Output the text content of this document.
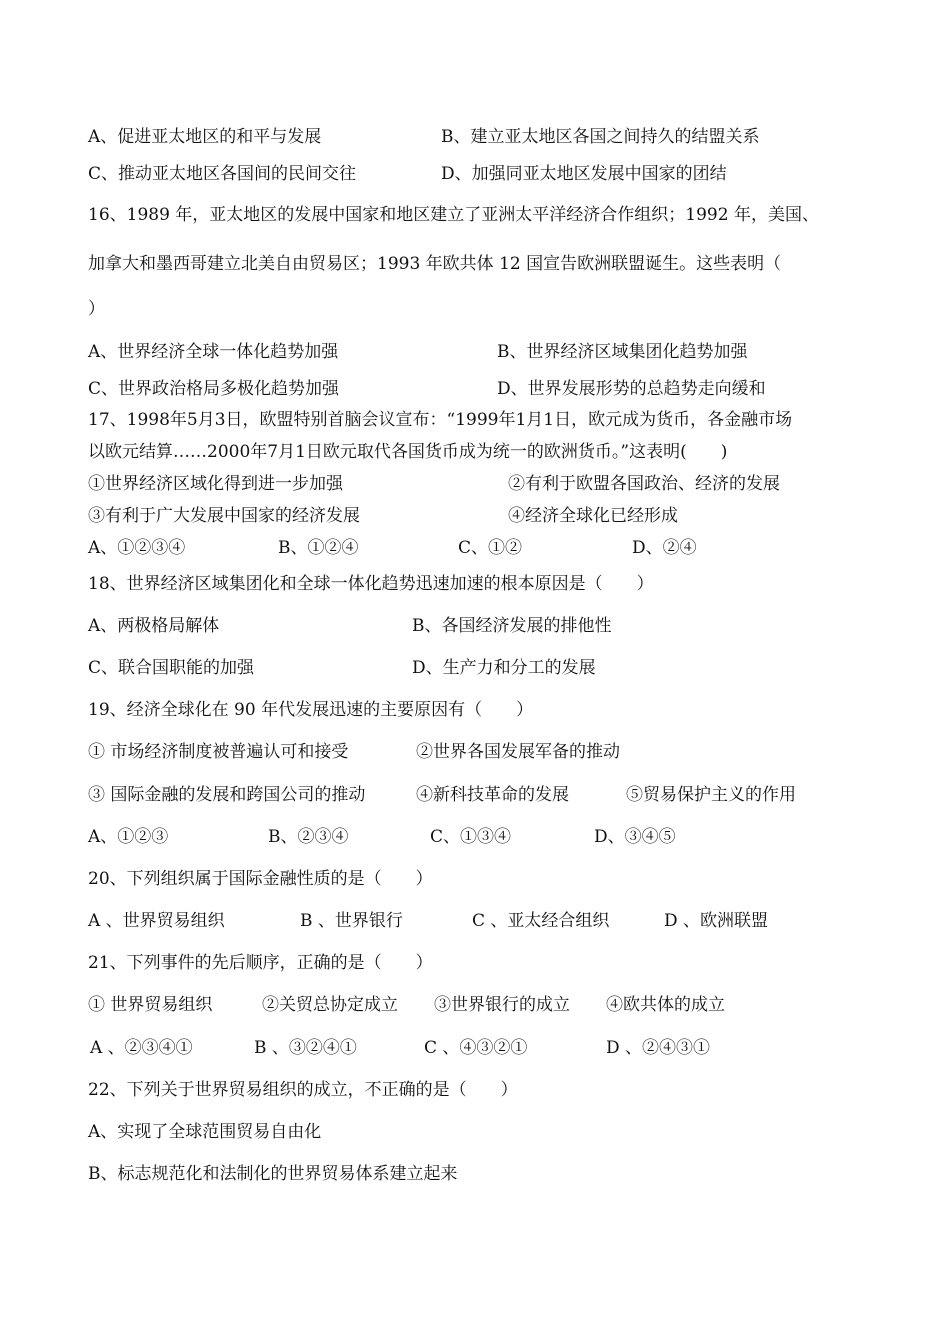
A、促进亚太地区的和平与发展	B、建立亚太地区各国之间持久的结盟关系
C、推动亚太地区各国间的民间交往	D、加强同亚太地区发展中国家的团结
16、1989 年，亚太地区的发展中国家和地区建立了亚洲太平洋经济合作组织；1992 年，美国、
加拿大和墨西哥建立北美自由贸易区；1993 年欧共体 12 国宣告欧洲联盟诞生。这些表明（
）
A、世界经济全球一体化趋势加强	B、世界经济区域集团化趋势加强
C、世界政治格局多极化趋势加强	D、世界发展形势的总趋势走向缓和
17、1998年5月3日，欧盟特别首脑会议宣布：“1999年1月1日，欧元成为货币，各金融市场
以欧元结算……2000年7月1日欧元取代各国货币成为统一的欧洲货币。”这表明(　　)
①世界经济区域化得到进一步加强	②有利于欧盟各国政治、经济的发展
③有利于广大发展中国家的经济发展	④经济全球化已经形成
A、①②③④	B、①②④	C、①②	D、②④
18、世界经济区域集团化和全球一体化趋势迅速加速的根本原因是（　　）
A、两极格局解体	B、各国经济发展的排他性
C、联合国职能的加强	D、生产力和分工的发展
19、经济全球化在 90 年代发展迅速的主要原因有（　　）
① 市场经济制度被普遍认可和接受	②世界各国发展军备的推动
③ 国际金融的发展和跨国公司的推动	④新科技革命的发展	⑤贸易保护主义的作用
A、①②③	B、②③④	C、①③④	D、③④⑤
20、下列组织属于国际金融性质的是（　　）
A 、世界贸易组织	B 、世界银行	C 、亚太经合组织	D 、欧洲联盟
21、下列事件的先后顺序，正确的是（　　）
① 世界贸易组织	②关贸总协定成立 ③世界银行的成立 ④欧共体的成立
A 、②③④①	B 、③②④①	C 、④③②①	D 、②④③①
22、下列关于世界贸易组织的成立，不正确的是（　　）
A、实现了全球范围贸易自由化
B、标志规范化和法制化的世界贸易体系建立起来
